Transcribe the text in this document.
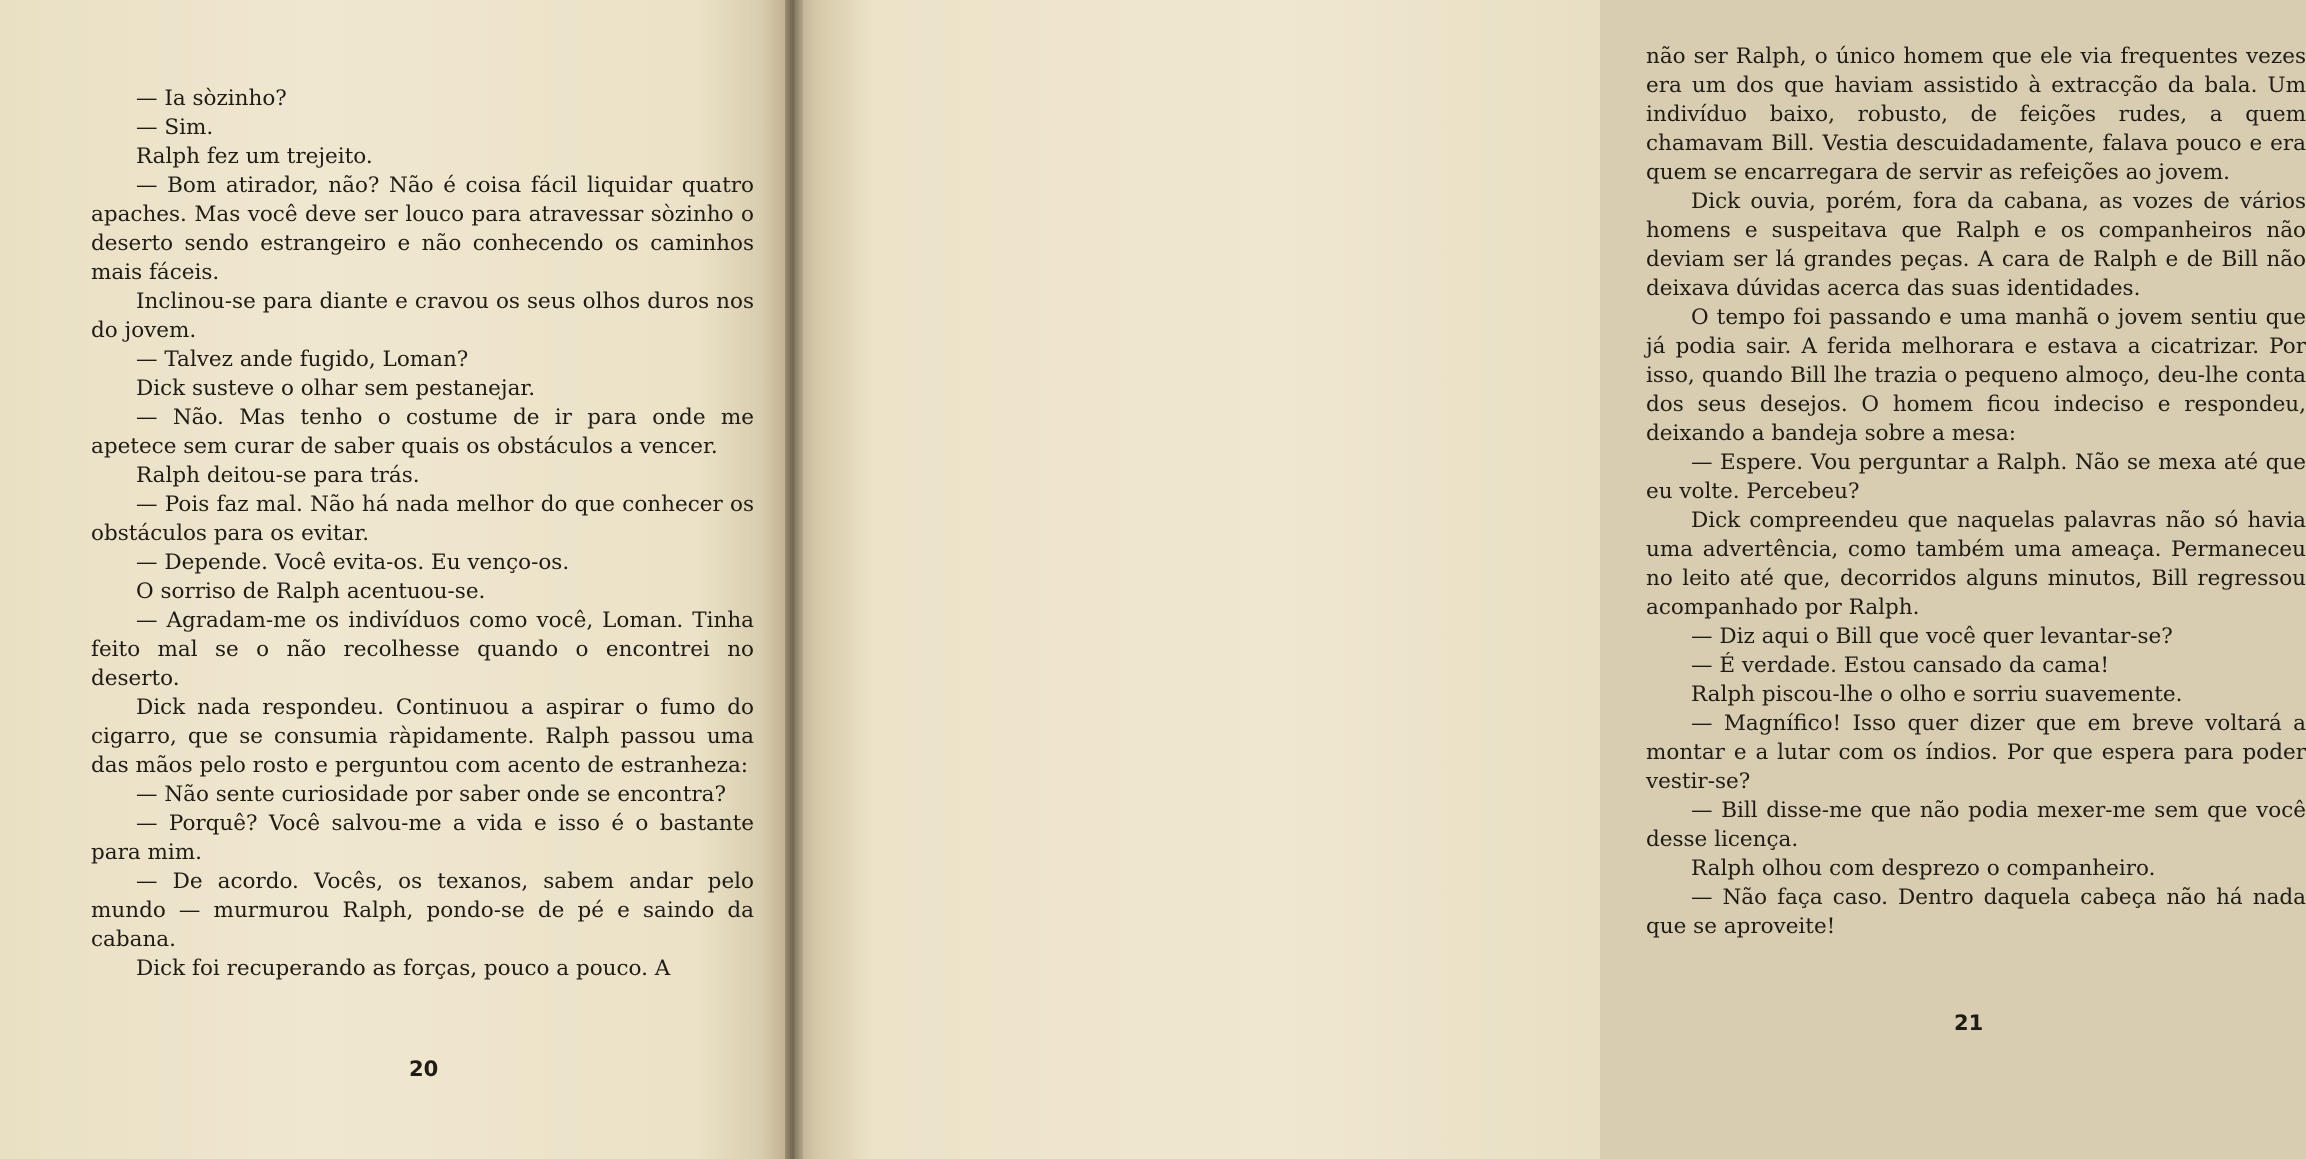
— Ia sòzinho?

— Sim.

Ralph fez um trejeito.

— Bom atirador, não? Não é coisa fácil liquidar quatro apaches. Mas você deve ser louco para atravessar sòzinho o deserto sendo estrangeiro e não conhecendo os caminhos mais fáceis.

Inclinou-se para diante e cravou os seus olhos duros nos do jovem.

— Talvez ande fugido, Loman?

Dick susteve o olhar sem pestanejar.

— Não. Mas tenho o costume de ir para onde me apetece sem curar de saber quais os obstáculos a vencer.

Ralph deitou-se para trás.

— Pois faz mal. Não há nada melhor do que conhecer os obstáculos para os evitar.

— Depende. Você evita-os. Eu venço-os.

O sorriso de Ralph acentuou-se.

— Agradam-me os indivíduos como você, Loman. Tinha feito mal se o não recolhesse quando o encontrei no deserto.

Dick nada respondeu. Continuou a aspirar o fumo do cigarro, que se consumia ràpidamente. Ralph passou uma das mãos pelo rosto e perguntou com acento de estranheza:

— Não sente curiosidade por saber onde se encontra?

— Porquê? Você salvou-me a vida e isso é o bastante para mim.

— De acordo. Vocês, os texanos, sabem andar pelo mundo — murmurou Ralph, pondo-se de pé e saindo da cabana.

Dick foi recuperando as forças, pouco a pouco. A

20

não ser Ralph, o único homem que ele via frequentes vezes era um dos que haviam assistido à extracção da bala. Um indivíduo baixo, robusto, de feições rudes, a quem chamavam Bill. Vestia descuidadamente, falava pouco e era quem se encarregara de servir as refeições ao jovem.

Dick ouvia, porém, fora da cabana, as vozes de vários homens e suspeitava que Ralph e os companheiros não deviam ser lá grandes peças. A cara de Ralph e de Bill não deixava dúvidas acerca das suas identidades.

O tempo foi passando e uma manhã o jovem sentiu que já podia sair. A ferida melhorara e estava a cicatrizar. Por isso, quando Bill lhe trazia o pequeno almoço, deu-lhe conta dos seus desejos. O homem ficou indeciso e respondeu, deixando a bandeja sobre a mesa:

— Espere. Vou perguntar a Ralph. Não se mexa até que eu volte. Percebeu?

Dick compreendeu que naquelas palavras não só havia uma advertência, como também uma ameaça. Permaneceu no leito até que, decorridos alguns minutos, Bill regressou acompanhado por Ralph.

— Diz aqui o Bill que você quer levantar-se?

— É verdade. Estou cansado da cama!

Ralph piscou-lhe o olho e sorriu suavemente.

— Magnífico! Isso quer dizer que em breve voltará a montar e a lutar com os índios. Por que espera para poder vestir-se?

— Bill disse-me que não podia mexer-me sem que você desse licença.

Ralph olhou com desprezo o companheiro.

— Não faça caso. Dentro daquela cabeça não há nada que se aproveite!

21
